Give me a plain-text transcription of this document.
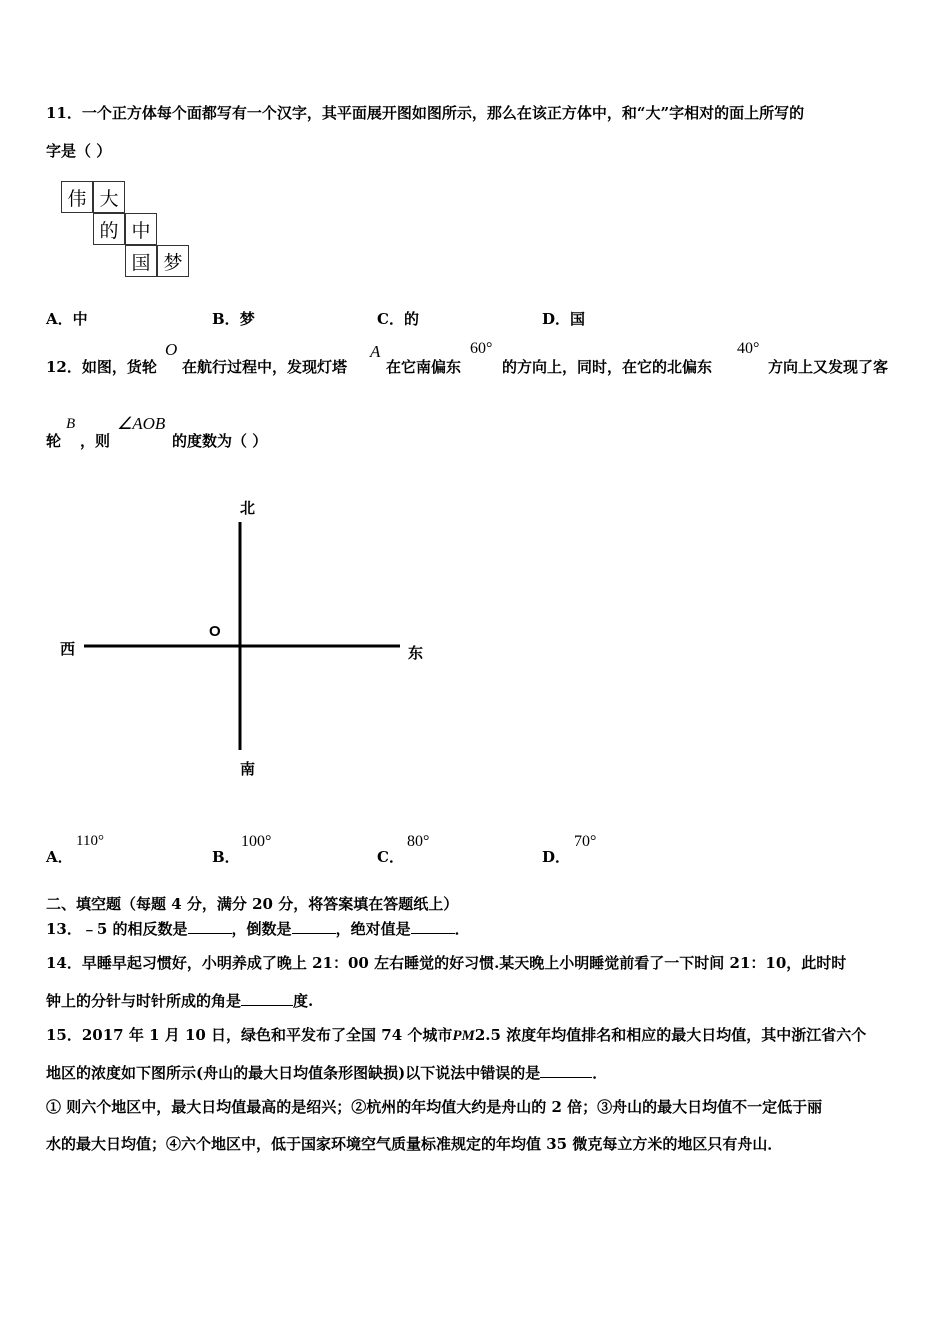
11．一个正方体每个面都写有一个汉字，其平面展开图如图所示，那么在该正方体中，和“大”字相对的面上所写的
字是（ ）
伟 大
的 中
国 梦
A．中	B．梦	C．的	D．国
12．如图，货轮
O
在航行过程中，发现灯塔
A
在它南偏东
60°
的方向上，同时，在它的北偏东
40°
方向上又发现了客
轮
B
，则
∠AOB
的度数为（ ）
北
南
西	东
O
A．
110°
B．
100°
C．
80°
D．
70°
二、填空题（每题 4 分，满分 20 分，将答案填在答题纸上）
13．﹣5 的相反数是	，倒数是	，绝对值是	．
14．早睡早起习惯好，小明养成了晚上 21：00 左右睡觉的好习惯.某天晚上小明睡觉前看了一下时间 21：10，此时时
钟上的分针与时针所成的角是	度.
15．2017 年 1 月 10 日，绿色和平发布了全国 74 个城市PM2.5 浓度年均值排名和相应的最大日均值，其中浙江省六个
地区的浓度如下图所示(舟山的最大日均值条形图缺损)以下说法中错误的是	．
① 则六个地区中，最大日均值最高的是绍兴；②杭州的年均值大约是舟山的 2 倍；③舟山的最大日均值不一定低于丽
水的最大日均值；④六个地区中，低于国家环境空气质量标准规定的年均值 35 微克每立方米的地区只有舟山．
